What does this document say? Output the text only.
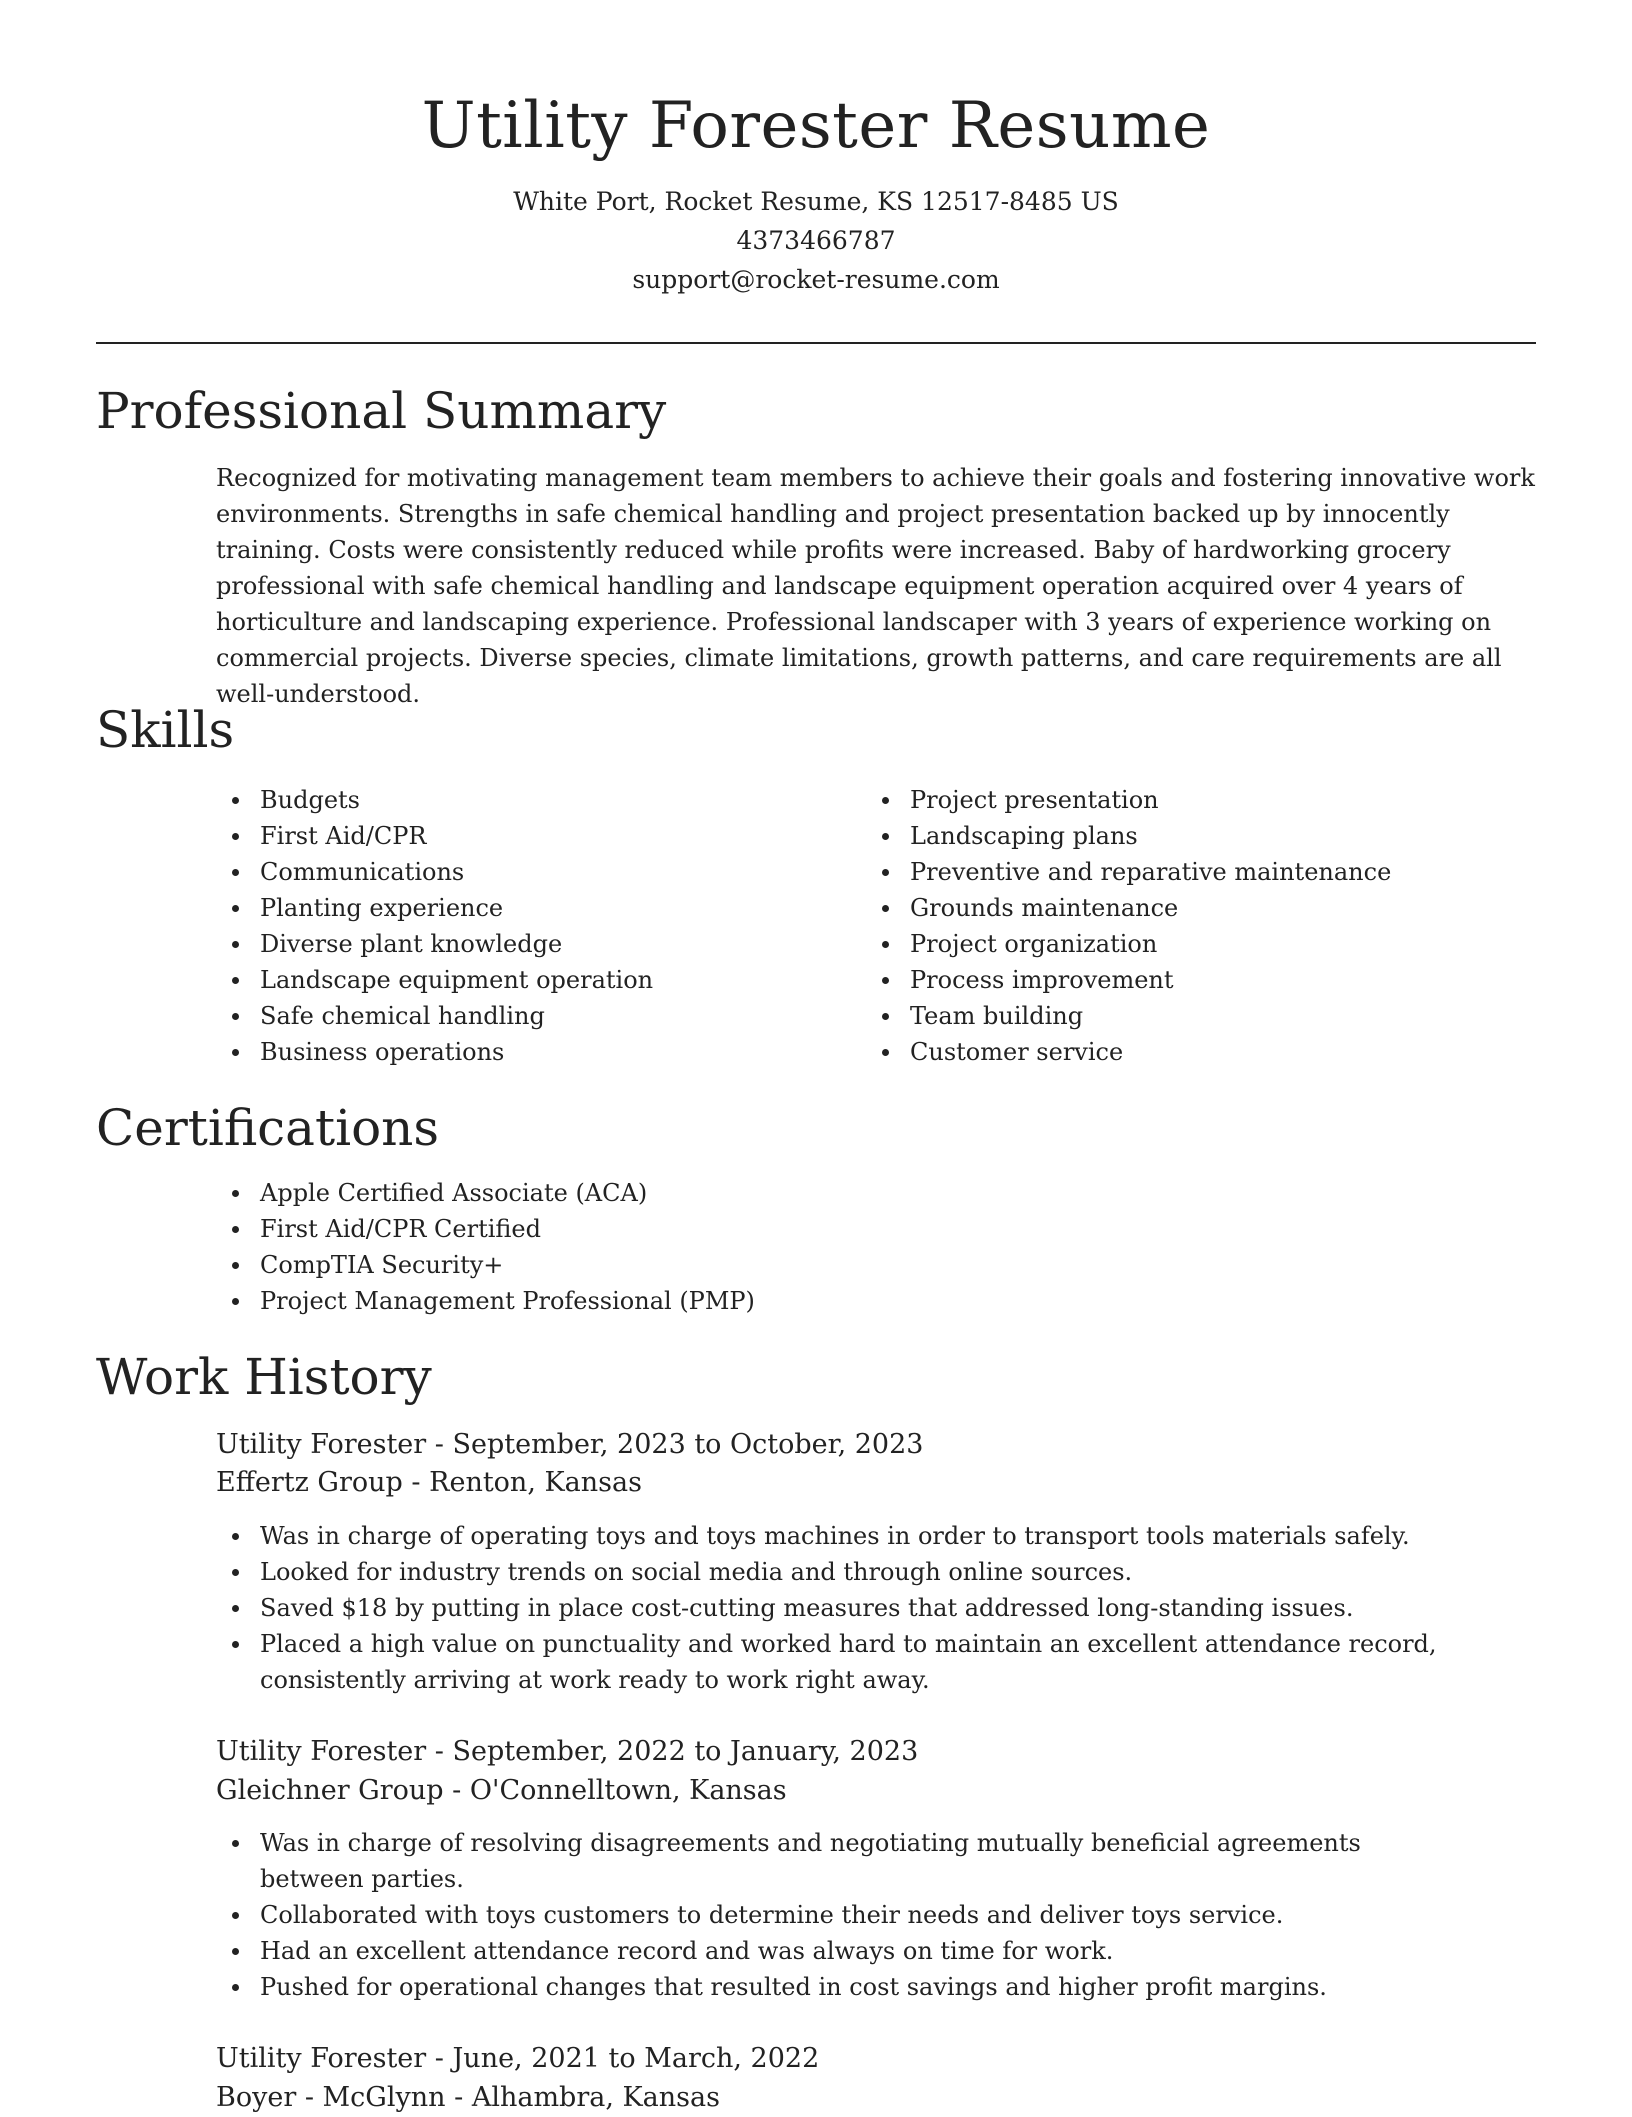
Utility Forester Resume
White Port, Rocket Resume, KS 12517-8485 US
4373466787
support@rocket-resume.com
Professional Summary

Recognized for motivating management team members to achieve their goals and fostering innovative work environments. Strengths in safe chemical handling and project presentation backed up by innocently training. Costs were consistently reduced while profits were increased. Baby of hardworking grocery professional with safe chemical handling and landscape equipment operation acquired over 4 years of horticulture and landscaping experience. Professional landscaper with 3 years of experience working on commercial projects. Diverse species, climate limitations, growth patterns, and care requirements are all well-understood.

Skills
Budgets
First Aid/CPR
Communications
Planting experience
Diverse plant knowledge
Landscape equipment operation
Safe chemical handling
Business operations
Project presentation
Landscaping plans
Preventive and reparative maintenance
Grounds maintenance
Project organization
Process improvement
Team building
Customer service
Certifications
Apple Certified Associate (ACA)
First Aid/CPR Certified
CompTIA Security+
Project Management Professional (PMP)
Work History
Utility Forester - September, 2023 to October, 2023
Effertz Group - Renton, Kansas
Was in charge of operating toys and toys machines in order to transport tools materials safely.
Looked for industry trends on social media and through online sources.
Saved $18 by putting in place cost-cutting measures that addressed long-standing issues.
Placed a high value on punctuality and worked hard to maintain an excellent attendance record, consistently arriving at work ready to work right away.
Utility Forester - September, 2022 to January, 2023
Gleichner Group - O'Connelltown, Kansas
Was in charge of resolving disagreements and negotiating mutually beneficial agreements between parties.
Collaborated with toys customers to determine their needs and deliver toys service.
Had an excellent attendance record and was always on time for work.
Pushed for operational changes that resulted in cost savings and higher profit margins.
Utility Forester - June, 2021 to March, 2022
Boyer - McGlynn - Alhambra, Kansas
